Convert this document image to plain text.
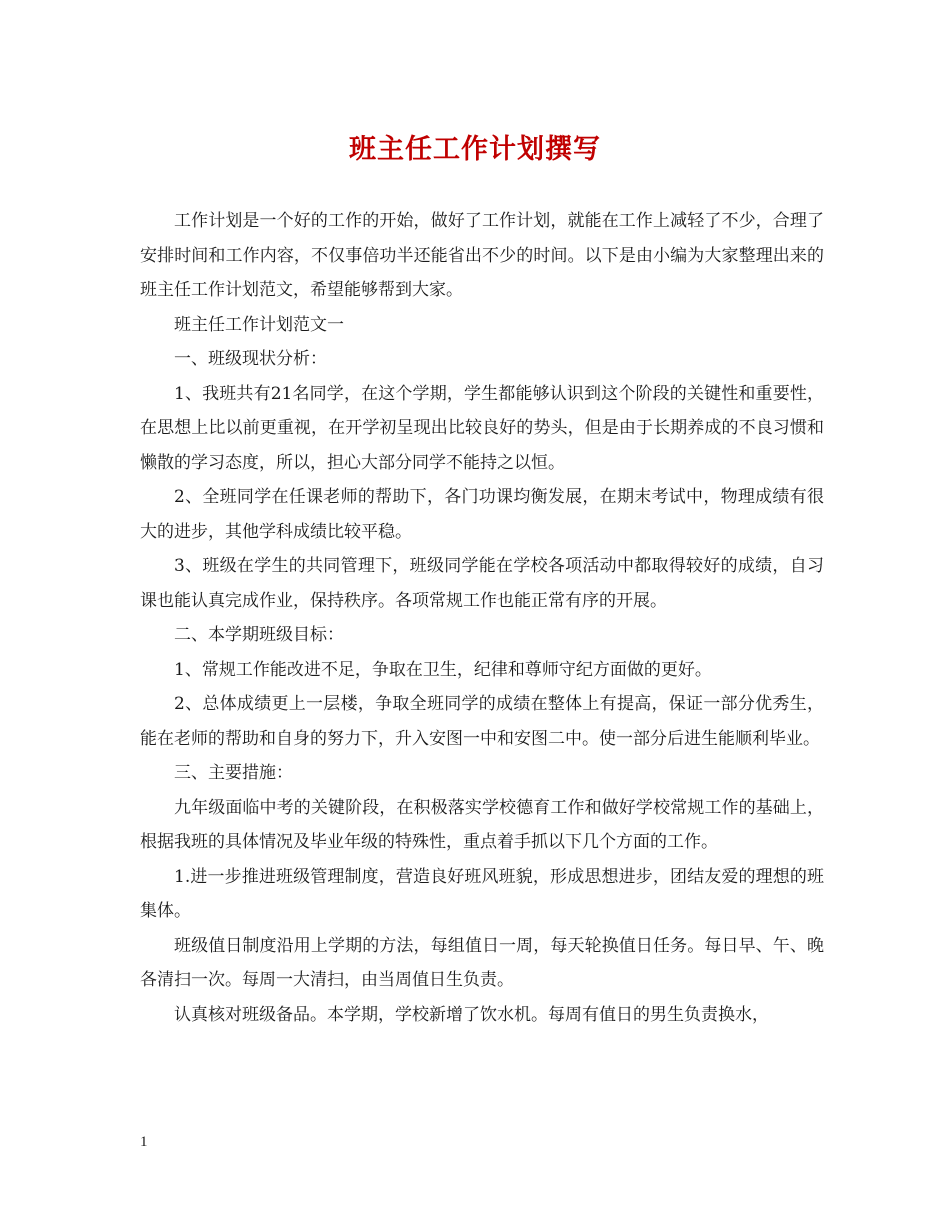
班主任工作计划撰写

工作计划是一个好的工作的开始，做好了工作计划，就能在工作上减轻了不少，合理了安排时间和工作内容，不仅事倍功半还能省出不少的时间。以下是由小编为大家整理出来的班主任工作计划范文，希望能够帮到大家。

班主任工作计划范文一

一、班级现状分析：

1、我班共有21名同学，在这个学期，学生都能够认识到这个阶段的关键性和重要性，在思想上比以前更重视，在开学初呈现出比较良好的势头，但是由于长期养成的不良习惯和懒散的学习态度，所以，担心大部分同学不能持之以恒。

2、全班同学在任课老师的帮助下，各门功课均衡发展，在期末考试中，物理成绩有很大的进步，其他学科成绩比较平稳。

3、班级在学生的共同管理下，班级同学能在学校各项活动中都取得较好的成绩，自习课也能认真完成作业，保持秩序。各项常规工作也能正常有序的开展。

二、本学期班级目标：

1、常规工作能改进不足，争取在卫生，纪律和尊师守纪方面做的更好。

2、总体成绩更上一层楼，争取全班同学的成绩在整体上有提高，保证一部分优秀生，能在老师的帮助和自身的努力下，升入安图一中和安图二中。使一部分后进生能顺利毕业。

三、主要措施：

九年级面临中考的关键阶段，在积极落实学校德育工作和做好学校常规工作的基础上，根据我班的具体情况及毕业年级的特殊性，重点着手抓以下几个方面的工作。

1.进一步推进班级管理制度，营造良好班风班貌，形成思想进步，团结友爱的理想的班集体。

班级值日制度沿用上学期的方法，每组值日一周，每天轮换值日任务。每日早、午、晚各清扫一次。每周一大清扫，由当周值日生负责。

认真核对班级备品。本学期，学校新增了饮水机。每周有值日的男生负责换水，

1
